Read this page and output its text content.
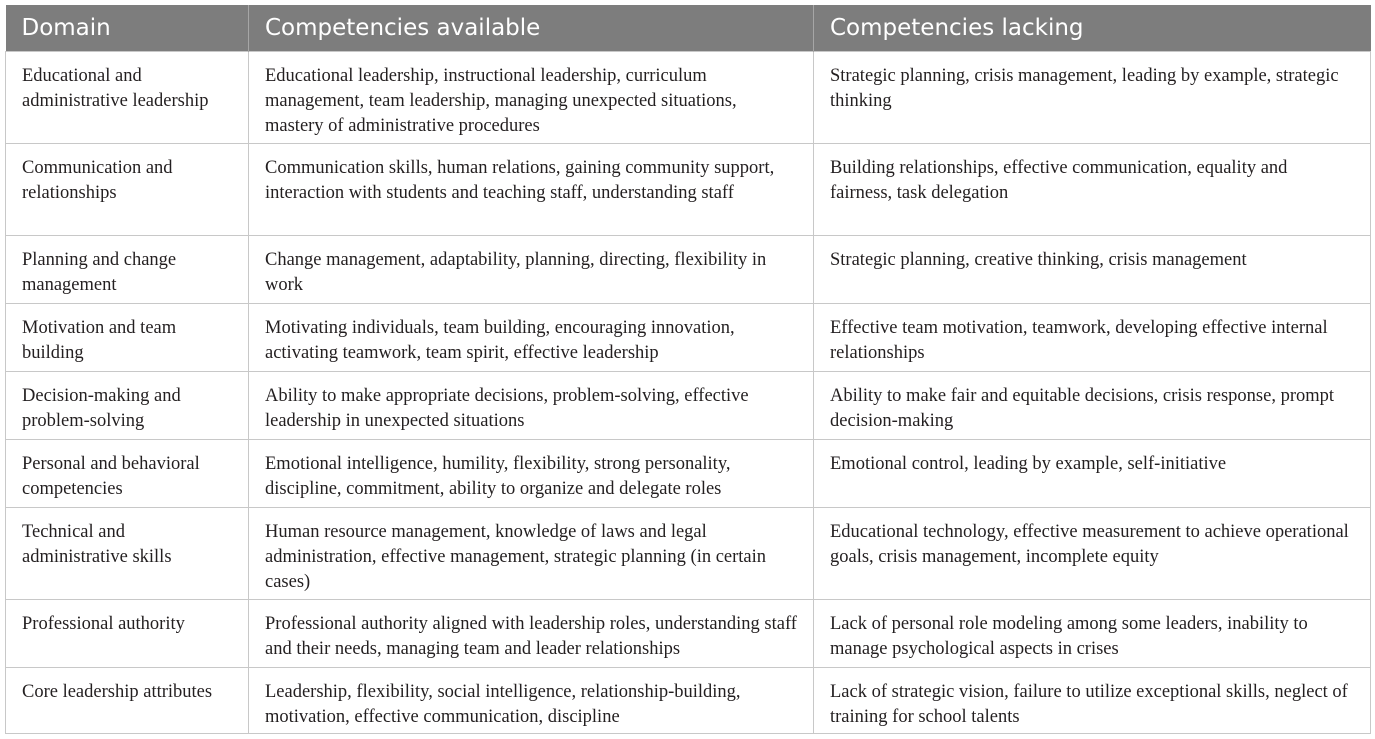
Domain	Competencies available	Competencies lacking
Educational and administrative leadership	Educational leadership, instructional leadership, curriculum management, team leadership, managing unexpected situations, mastery of administrative procedures	Strategic planning, crisis management, leading by example, strategic thinking
Communication and relationships	Communication skills, human relations, gaining community support, interaction with students and teaching staff, understanding staff	Building relationships, effective communication, equality and fairness, task delegation
Planning and change management	Change management, adaptability, planning, directing, flexibility in work	Strategic planning, creative thinking, crisis management
Motivation and team building	Motivating individuals, team building, encouraging innovation, activating teamwork, team spirit, effective leadership	Effective team motivation, teamwork, developing effective internal relationships
Decision-making and problem-solving	Ability to make appropriate decisions, problem-solving, effective leadership in unexpected situations	Ability to make fair and equitable decisions, crisis response, prompt decision-making
Personal and behavioral competencies	Emotional intelligence, humility, flexibility, strong personality, discipline, commitment, ability to organize and delegate roles	Emotional control, leading by example, self-initiative
Technical and administrative skills	Human resource management, knowledge of laws and legal administration, effective management, strategic planning (in certain cases)	Educational technology, effective measurement to achieve operational goals, crisis management, incomplete equity
Professional authority	Professional authority aligned with leadership roles, understanding staff and their needs, managing team and leader relationships	Lack of personal role modeling among some leaders, inability to manage psychological aspects in crises
Core leadership attributes	Leadership, flexibility, social intelligence, relationship-building, motivation, effective communication, discipline	Lack of strategic vision, failure to utilize exceptional skills, neglect of training for school talents
